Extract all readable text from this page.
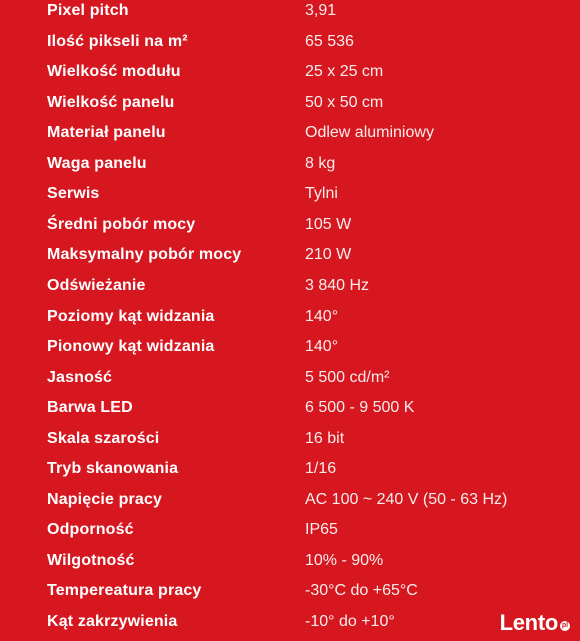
Pixel pitch	3,91
Ilość pikseli na m²	65 536
Wielkość modułu	25 x 25 cm
Wielkość panelu	50 x 50 cm
Materiał panelu	Odlew aluminiowy
Waga panelu	8 kg
Serwis	Tylni
Średni pobór mocy	105 W
Maksymalny pobór mocy	210 W
Odświeżanie	3 840 Hz
Poziomy kąt widzania	140°
Pionowy kąt widzania	140°
Jasność	5 500 cd/m²
Barwa LED	6 500 - 9 500 K
Skala szarości	16 bit
Tryb skanowania	1/16
Napięcie pracy	AC 100 ~ 240 V (50 - 63 Hz)
Odporność	IP65
Wilgotność	10% - 90%
Tempereatura pracy	-30°C do +65°C
Kąt zakrzywienia	-10° do +10°	Lento pl
